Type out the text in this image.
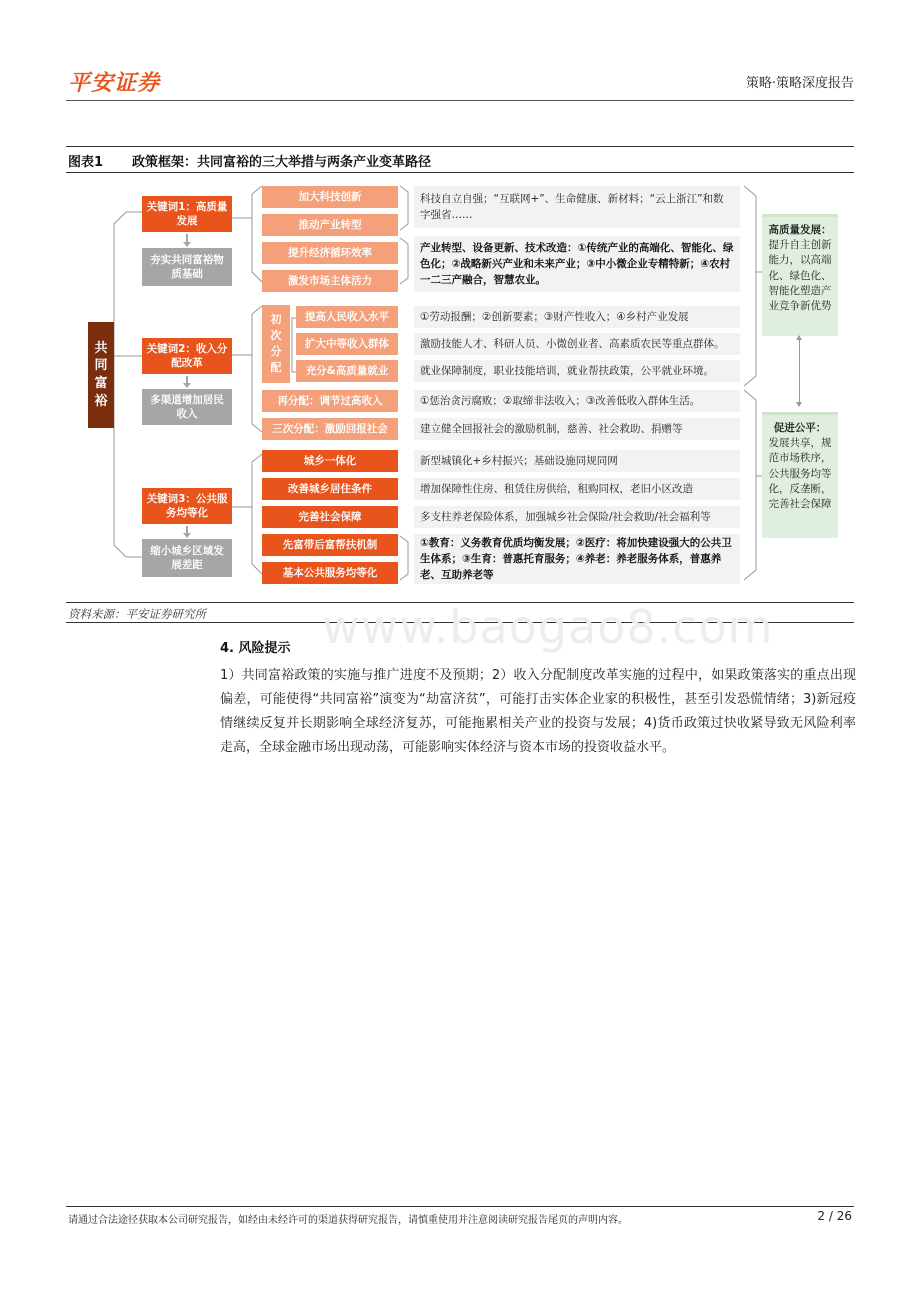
平安证券	策略·策略深度报告
图表1 政策框架：共同富裕的三大举措与两条产业变革路径
共
同
富
裕
关键词1：高质量发展
夯实共同富裕物质基础
关键词2：收入分配改革
多渠道增加居民收入
关键词3：公共服务均等化
缩小城乡区域发展差距
加大科技创新
推动产业转型
提升经济循环效率
激发市场主体活力
科技自立自强；“互联网+”、生命健康、新材料；“云上浙江”和数字强省……
产业转型、设备更新、技术改造：①传统产业的高端化、智能化、绿色化；②战略新兴产业和未来产业；③中小微企业专精特新；④农村一二三产融合，智慧农业。
初
次
分
配
提高人民收入水平
扩大中等收入群体
充分&高质量就业
再分配：调节过高收入
三次分配：激励回报社会
①劳动报酬；②创新要素；③财产性收入；④乡村产业发展
激励技能人才、科研人员、小微创业者、高素质农民等重点群体。
就业保障制度，职业技能培训，就业帮扶政策，公平就业环境。
①惩治贪污腐败；②取缔非法收入；③改善低收入群体生活。
建立健全回报社会的激励机制，慈善、社会救助、捐赠等
城乡一体化
改善城乡居住条件
完善社会保障
先富带后富帮扶机制
基本公共服务均等化
新型城镇化+乡村振兴；基础设施同规同网
增加保障性住房、租赁住房供给，租购同权，老旧小区改造
多支柱养老保险体系，加强城乡社会保险/社会救助/社会福利等
①教育：义务教育优质均衡发展；②医疗：将加快建设强大的公共卫生体系；③生育：普惠托育服务；④养老：养老服务体系，普惠养老、互助养老等
高质量发展：
提升自主创新能力，以高端化、绿色化、智能化塑造产业竞争新优势
促进公平：
发展共享，规范市场秩序，公共服务均等化，反垄断，完善社会保障
资料来源：平安证券研究所	www.baogao8.com
4. 风险提示
1）共同富裕政策的实施与推广进度不及预期；2）收入分配制度改革实施的过程中，如果政策落实的重点出现偏差，可能使得“共同富裕”演变为“劫富济贫”，可能打击实体企业家的积极性，甚至引发恐慌情绪；3)新冠疫情继续反复并长期影响全球经济复苏，可能拖累相关产业的投资与发展；4)货币政策过快收紧导致无风险利率走高，全球金融市场出现动荡，可能影响实体经济与资本市场的投资收益水平。
请通过合法途径获取本公司研究报告，如经由未经许可的渠道获得研究报告，请慎重使用并注意阅读研究报告尾页的声明内容。	2 / 26
